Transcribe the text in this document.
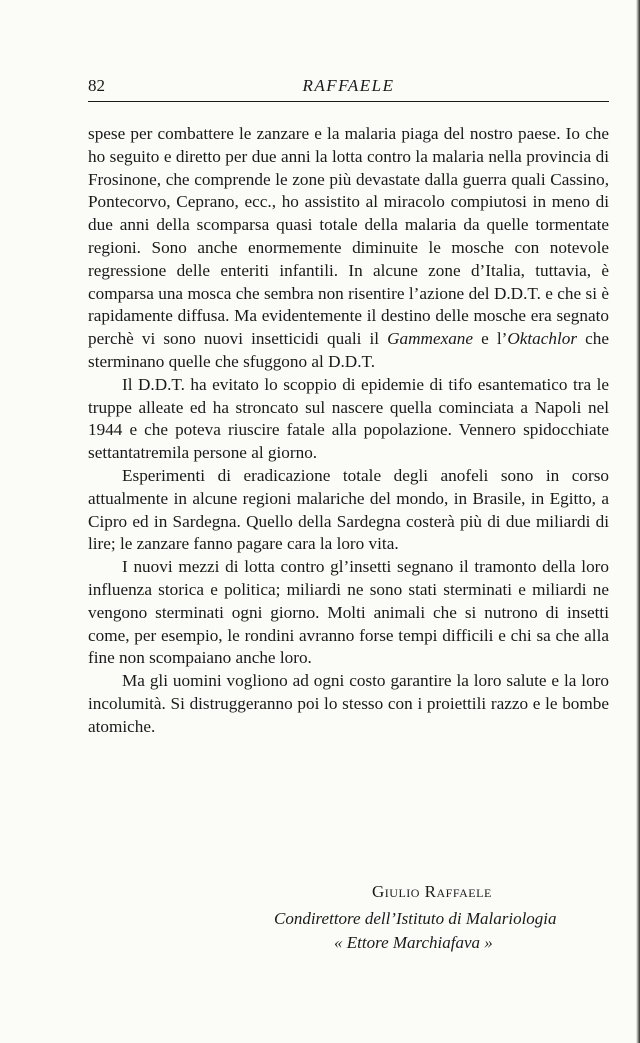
82	RAFFAELE

spese per combattere le zanzare e la malaria piaga del nostro paese. Io che ho seguito e diretto per due anni la lotta contro la malaria nella provincia di Frosinone, che comprende le zone più devastate dalla guerra quali Cassino, Pontecorvo, Ceprano, ecc., ho assistito al miracolo compiutosi in meno di due anni della scomparsa quasi totale della malaria da quelle tormentate regioni. Sono anche enormemente diminuite le mosche con notevole regressione delle enteriti infantili. In alcune zone d’Italia, tuttavia, è comparsa una mosca che sembra non risentire l’azione del D.D.T. e che si è rapidamente diffusa. Ma evidentemente il destino delle mosche era segnato perchè vi sono nuovi insetticidi quali il Gammexane e l’Oktachlor che sterminano quelle che sfuggono al D.D.T.

Il D.D.T. ha evitato lo scoppio di epidemie di tifo esantematico tra le truppe alleate ed ha stroncato sul nascere quella cominciata a Napoli nel 1944 e che poteva riuscire fatale alla popolazione. Vennero spidocchiate settantatremila persone al giorno.

Esperimenti di eradicazione totale degli anofeli sono in corso attualmente in alcune regioni malariche del mondo, in Brasile, in Egitto, a Cipro ed in Sardegna. Quello della Sardegna costerà più di due miliardi di lire; le zanzare fanno pagare cara la loro vita.

I nuovi mezzi di lotta contro gl’insetti segnano il tramonto della loro influenza storica e politica; miliardi ne sono stati sterminati e miliardi ne vengono sterminati ogni giorno. Molti animali che si nutrono di insetti come, per esempio, le rondini avranno forse tempi difficili e chi sa che alla fine non scompaiano anche loro.

Ma gli uomini vogliono ad ogni costo garantire la loro salute e la loro incolumità. Si distruggeranno poi lo stesso con i proiettili razzo e le bombe atomiche.

Giulio Raffaele
Condirettore dell’Istituto di Malariologia
« Ettore Marchiafava »
